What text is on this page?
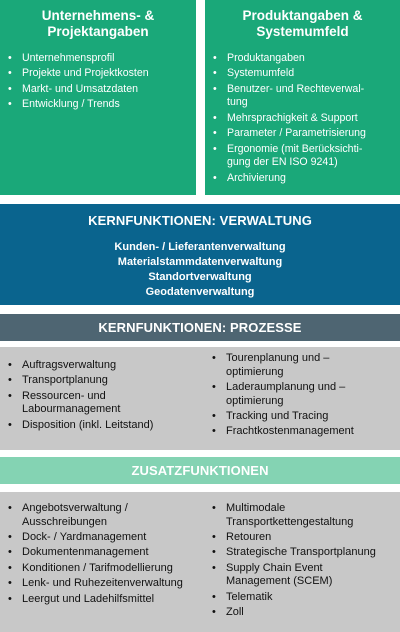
Unternehmens- &
Projektangaben
• Unternehmensprofil
• Projekte und Projektkosten
• Markt- und Umsatzdaten
• Entwicklung / Trends
Produktangaben &
Systemumfeld
• Produktangaben
• Systemumfeld
• Benutzer- und Rechteverwal-
tung
• Mehrsprachigkeit & Support
• Parameter / Parametrisierung
• Ergonomie (mit Berücksichti-
gung der EN ISO 9241)
• Archivierung
KERNFUNKTIONEN: VERWALTUNG
Kunden- / Lieferantenverwaltung
Materialstammdatenverwaltung
Standortverwaltung
Geodatenverwaltung
KERNFUNKTIONEN: PROZESSE
• Auftragsverwaltung
• Transportplanung
• Ressourcen- und
Labourmanagement
• Disposition (inkl. Leitstand)
• Tourenplanung und –
optimierung
• Laderaumplanung und –
optimierung
• Tracking und Tracing
• Frachtkostenmanagement
ZUSATZFUNKTIONEN
• Angebotsverwaltung /
Ausschreibungen
• Dock- / Yardmanagement
• Dokumentenmanagement
• Konditionen / Tarifmodellierung
• Lenk- und Ruhezeitenverwaltung
• Leergut und Ladehilfsmittel
• Multimodale
Transportkettengestaltung
• Retouren
• Strategische Transportplanung
• Supply Chain Event
Management (SCEM)
• Telematik
• Zoll
